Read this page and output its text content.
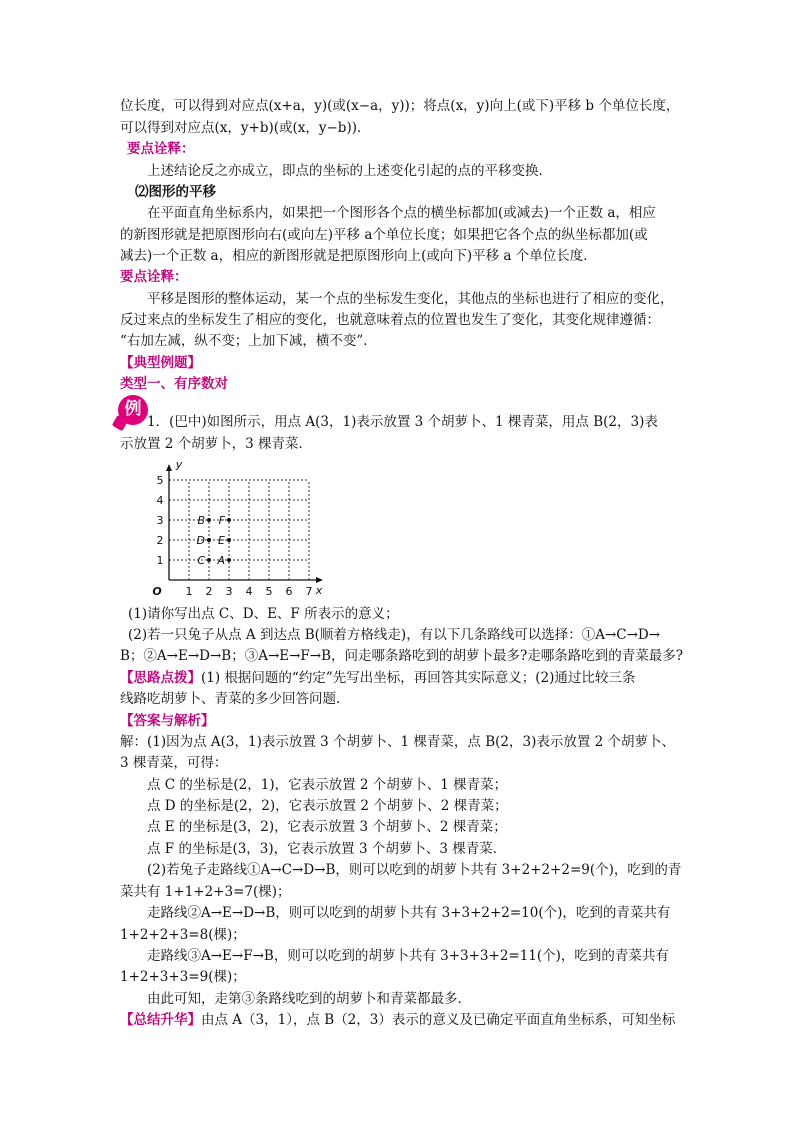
位长度，可以得到对应点(x+a，y)(或(x−a，y))；将点(x，y)向上(或下)平移 b 个单位长度，
可以得到对应点(x，y+b)(或(x，y−b))．
要点诠释：
上述结论反之亦成立，即点的坐标的上述变化引起的点的平移变换．
⑵图形的平移
在平面直角坐标系内，如果把一个图形各个点的横坐标都加(或减去)一个正数 a，相应
的新图形就是把原图形向右(或向左)平移 a个单位长度；如果把它各个点的纵坐标都加(或
减去)一个正数 a，相应的新图形就是把原图形向上(或向下)平移 a 个单位长度．
要点诠释：
平移是图形的整体运动，某一个点的坐标发生变化，其他点的坐标也进行了相应的变化，
反过来点的坐标发生了相应的变化，也就意味着点的位置也发生了变化，其变化规律遵循：
“右加左减，纵不变；上加下减，横不变”．
【典型例题】
类型一、有序数对
例
1．(巴中)如图所示，用点 A(3，1)表示放置 3 个胡萝卜、1 棵青菜，用点 B(2，3)表
示放置 2 个胡萝卜，3 棵青菜．
1 2 3 4 5 6 7
1
2
3
4
5
O	x
y
A
B
C
D E
F
(1)请你写出点 C、D、E、F 所表示的意义；
(2)若一只兔子从点 A 到达点 B(顺着方格线走)，有以下几条路线可以选择：①A→C→D→
B；②A→E→D→B；③A→E→F→B，问走哪条路吃到的胡萝卜最多?走哪条路吃到的青菜最多?
【思路点拨】(1) 根据问题的“约定”先写出坐标，再回答其实际意义；(2)通过比较三条
线路吃胡萝卜、青菜的多少回答问题．
【答案与解析】
解：(1)因为点 A(3，1)表示放置 3 个胡萝卜、1 棵青菜，点 B(2，3)表示放置 2 个胡萝卜、
3 棵青菜，可得：
点 C 的坐标是(2，1)，它表示放置 2 个胡萝卜、1 棵青菜；
点 D 的坐标是(2，2)，它表示放置 2 个胡萝卜、2 棵青菜；
点 E 的坐标是(3，2)，它表示放置 3 个胡萝卜、2 棵青菜；
点 F 的坐标是(3，3)，它表示放置 3 个胡萝卜、3 棵青菜．
(2)若兔子走路线①A→C→D→B，则可以吃到的胡萝卜共有 3+2+2+2=9(个)，吃到的青
菜共有 1+1+2+3=7(棵)；
走路线②A→E→D→B，则可以吃到的胡萝卜共有 3+3+2+2=10(个)，吃到的青菜共有
1+2+2+3=8(棵)；
走路线③A→E→F→B，则可以吃到的胡萝卜共有 3+3+3+2=11(个)，吃到的青菜共有
1+2+3+3=9(棵)；
由此可知，走第③条路线吃到的胡萝卜和青菜都最多．
【总结升华】由点 A（3，1），点 B（2，3）表示的意义及已确定平面直角坐标系，可知坐标
